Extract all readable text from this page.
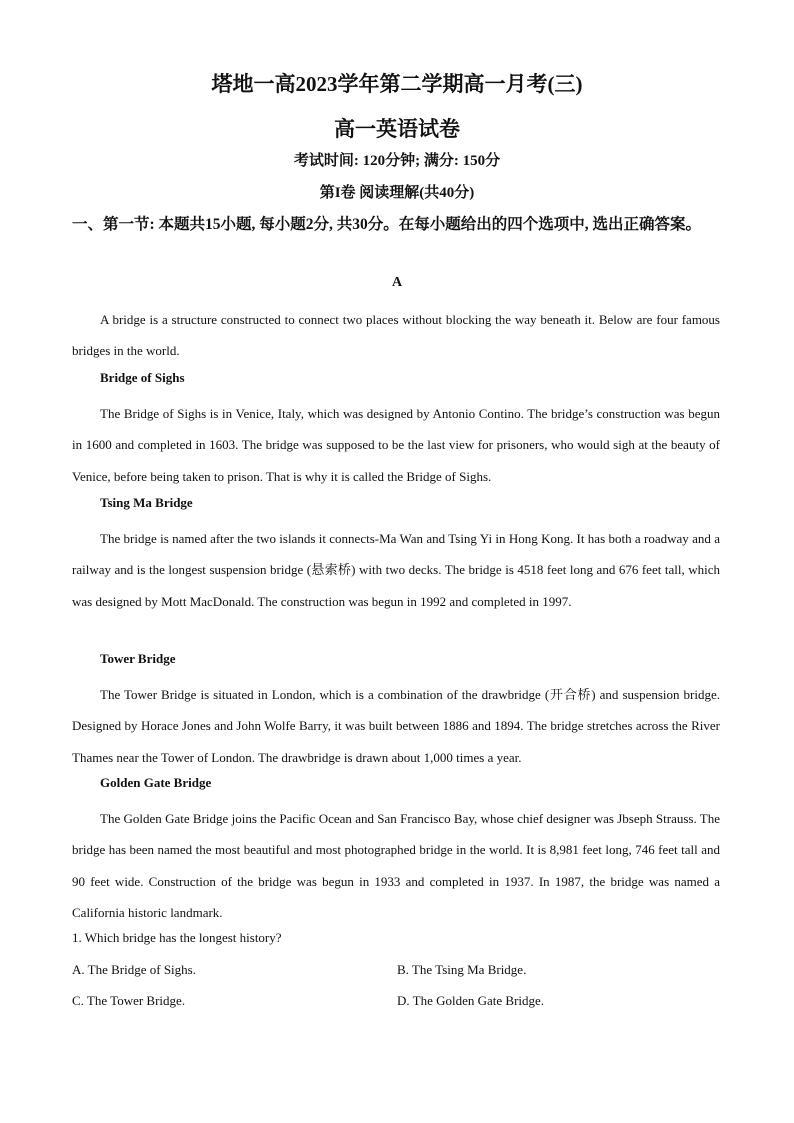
塔地一高2023学年第二学期高一月考(三)
高一英语试卷
考试时间: 120分钟; 满分: 150分
第I卷 阅读理解(共40分)
一、第一节: 本题共15小题, 每小题2分, 共30分。在每小题给出的四个选项中, 选出正确答案。
A

A bridge is a structure constructed to connect two places without blocking the way beneath it. Below are four famous bridges in the world.

Bridge of Sighs

The Bridge of Sighs is in Venice, Italy, which was designed by Antonio Contino. The bridge’s construction was begun in 1600 and completed in 1603. The bridge was supposed to be the last view for prisoners, who would sigh at the beauty of Venice, before being taken to prison. That is why it is called the Bridge of Sighs.

Tsing Ma Bridge

The bridge is named after the two islands it connects-Ma Wan and Tsing Yi in Hong Kong. It has both a roadway and a railway and is the longest suspension bridge (悬索桥) with two decks. The bridge is 4518 feet long and 676 feet tall, which was designed by Mott MacDonald. The construction was begun in 1992 and completed in 1997.

Tower Bridge

The Tower Bridge is situated in London, which is a combination of the drawbridge (开合桥) and suspension bridge. Designed by Horace Jones and John Wolfe Barry, it was built between 1886 and 1894. The bridge stretches across the River Thames near the Tower of London. The drawbridge is drawn about 1,000 times a year.

Golden Gate Bridge

The Golden Gate Bridge joins the Pacific Ocean and San Francisco Bay, whose chief designer was Jbseph Strauss. The bridge has been named the most beautiful and most photographed bridge in the world. It is 8,981 feet long, 746 feet tall and 90 feet wide. Construction of the bridge was begun in 1933 and completed in 1937. In 1987, the bridge was named a California historic landmark.

1. Which bridge has the longest history?
A. The Bridge of Sighs.	B. The Tsing Ma Bridge.
C. The Tower Bridge.	D. The Golden Gate Bridge.
